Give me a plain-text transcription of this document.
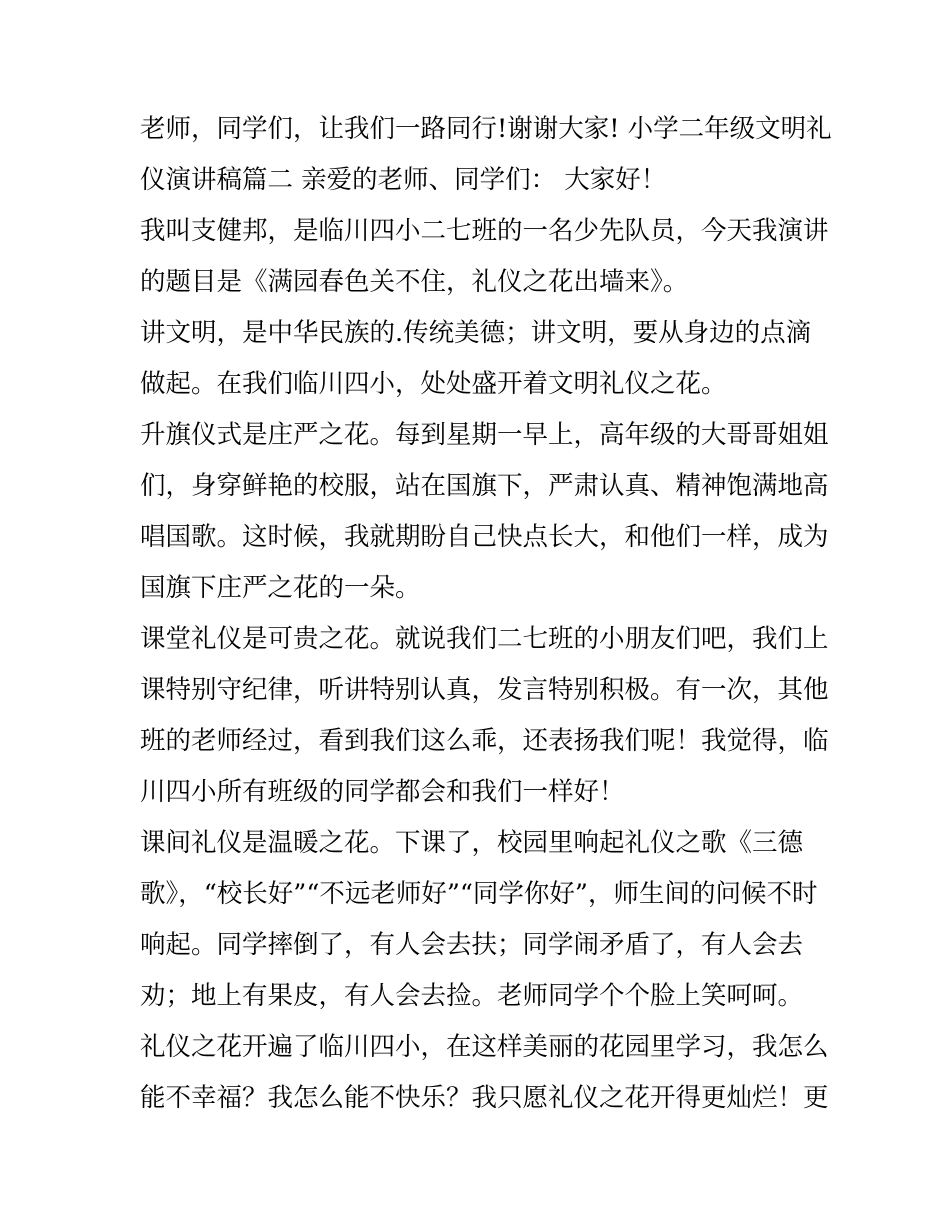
老师，同学们，让我们一路同行!谢谢大家! 小学二年级文明礼
仪演讲稿篇二 亲爱的老师、同学们： 大家好！
我叫支健邦，是临川四小二七班的一名少先队员，今天我演讲
的题目是《满园春色关不住，礼仪之花出墙来》。
讲文明，是中华民族的.传统美德；讲文明，要从身边的点滴
做起。在我们临川四小，处处盛开着文明礼仪之花。
升旗仪式是庄严之花。每到星期一早上，高年级的大哥哥姐姐
们，身穿鲜艳的校服，站在国旗下，严肃认真、精神饱满地高
唱国歌。这时候，我就期盼自己快点长大，和他们一样，成为
国旗下庄严之花的一朵。
课堂礼仪是可贵之花。就说我们二七班的小朋友们吧，我们上
课特别守纪律，听讲特别认真，发言特别积极。有一次，其他
班的老师经过，看到我们这么乖，还表扬我们呢！我觉得，临
川四小所有班级的同学都会和我们一样好！
课间礼仪是温暖之花。下课了，校园里响起礼仪之歌《三德
歌》，“校长好”“不远老师好”“同学你好”，师生间的问候不时
响起。同学摔倒了，有人会去扶；同学闹矛盾了，有人会去
劝；地上有果皮，有人会去捡。老师同学个个脸上笑呵呵。
礼仪之花开遍了临川四小，在这样美丽的花园里学习，我怎么
能不幸福？我怎么能不快乐？我只愿礼仪之花开得更灿烂！更
